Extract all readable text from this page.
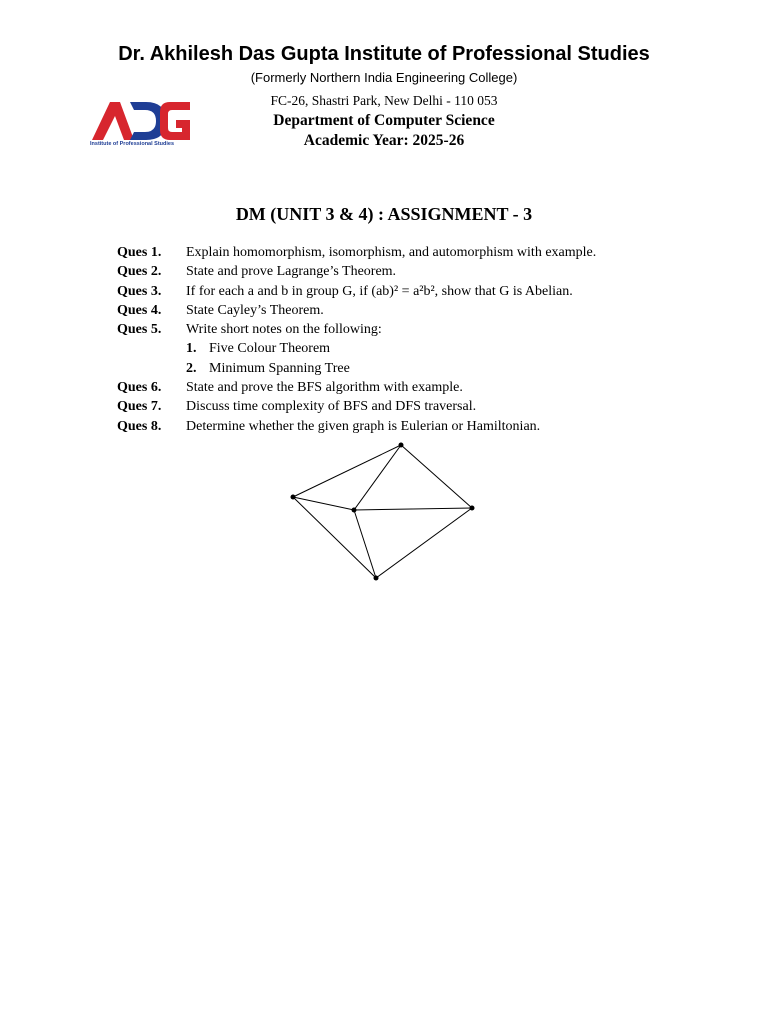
Dr. Akhilesh Das Gupta Institute of Professional Studies
(Formerly Northern India Engineering College)
Institute of Professional Studies
FC-26, Shastri Park, New Delhi - 110 053
Department of Computer Science
Academic Year: 2025-26
DM (UNIT 3 & 4) : ASSIGNMENT - 3
Ques 1. Explain homomorphism, isomorphism, and automorphism with example.
Ques 2. State and prove Lagrange’s Theorem.
Ques 3. If for each a and b in group G, if (ab)² = a²b², show that G is Abelian.
Ques 4. State Cayley’s Theorem.
Ques 5. Write short notes on the following:
1. Five Colour Theorem
2. Minimum Spanning Tree
Ques 6. State and prove the BFS algorithm with example.
Ques 7. Discuss time complexity of BFS and DFS traversal.
Ques 8. Determine whether the given graph is Eulerian or Hamiltonian.
